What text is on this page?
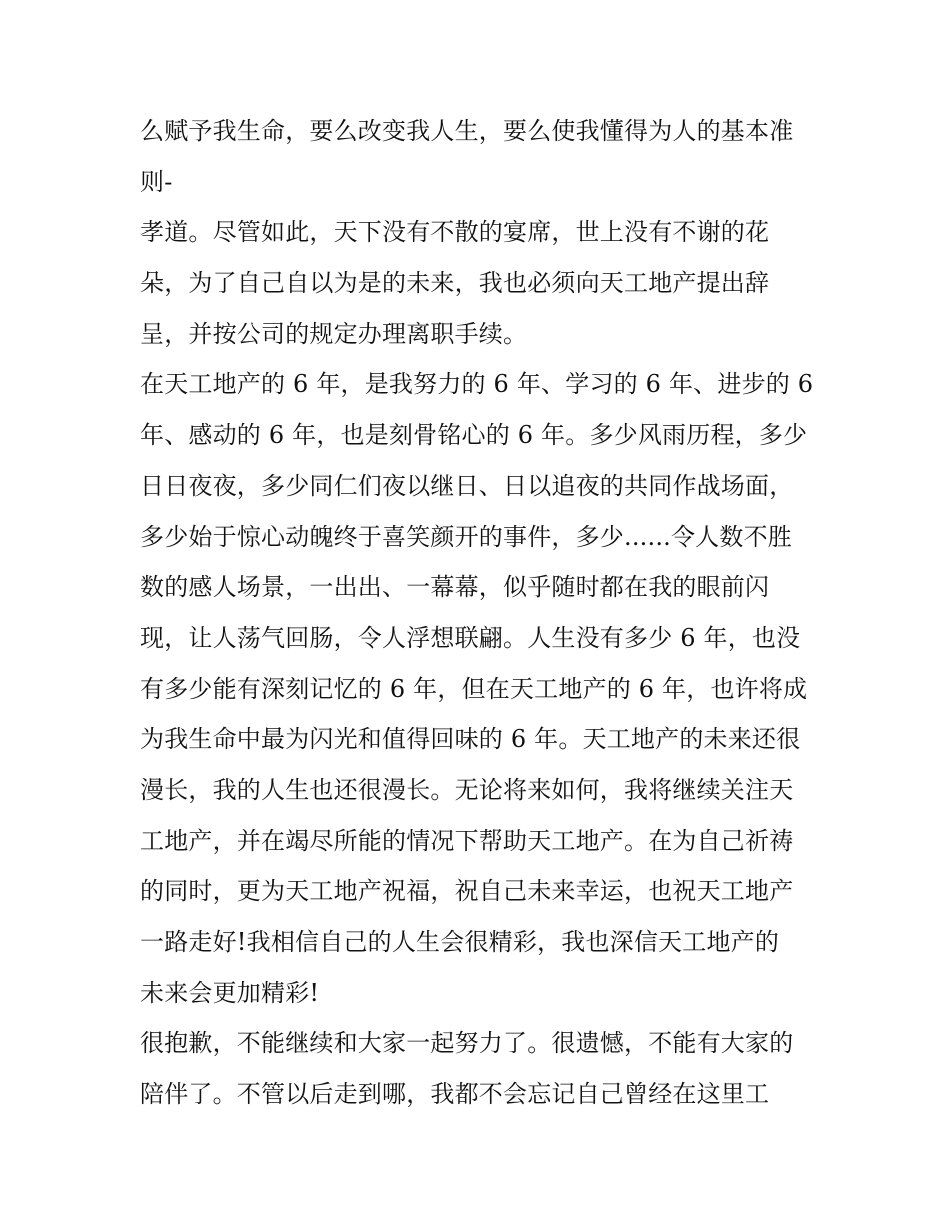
么赋予我生命，要么改变我人生，要么使我懂得为人的基本准
则-
孝道。尽管如此，天下没有不散的宴席，世上没有不谢的花
朵，为了自己自以为是的未来，我也必须向天工地产提出辞
呈，并按公司的规定办理离职手续。
在天工地产的 6 年，是我努力的 6 年、学习的 6 年、进步的 6
年、感动的 6 年，也是刻骨铭心的 6 年。多少风雨历程，多少
日日夜夜，多少同仁们夜以继日、日以追夜的共同作战场面，
多少始于惊心动魄终于喜笑颜开的事件，多少......令人数不胜
数的感人场景，一出出、一幕幕，似乎随时都在我的眼前闪
现，让人荡气回肠，令人浮想联翩。人生没有多少 6 年，也没
有多少能有深刻记忆的 6 年，但在天工地产的 6 年，也许将成
为我生命中最为闪光和值得回味的 6 年。天工地产的未来还很
漫长，我的人生也还很漫长。无论将来如何，我将继续关注天
工地产，并在竭尽所能的情况下帮助天工地产。在为自己祈祷
的同时，更为天工地产祝福，祝自己未来幸运，也祝天工地产
一路走好!我相信自己的人生会很精彩，我也深信天工地产的
未来会更加精彩!
很抱歉，不能继续和大家一起努力了。很遗憾，不能有大家的
陪伴了。不管以后走到哪，我都不会忘记自己曾经在这里工
